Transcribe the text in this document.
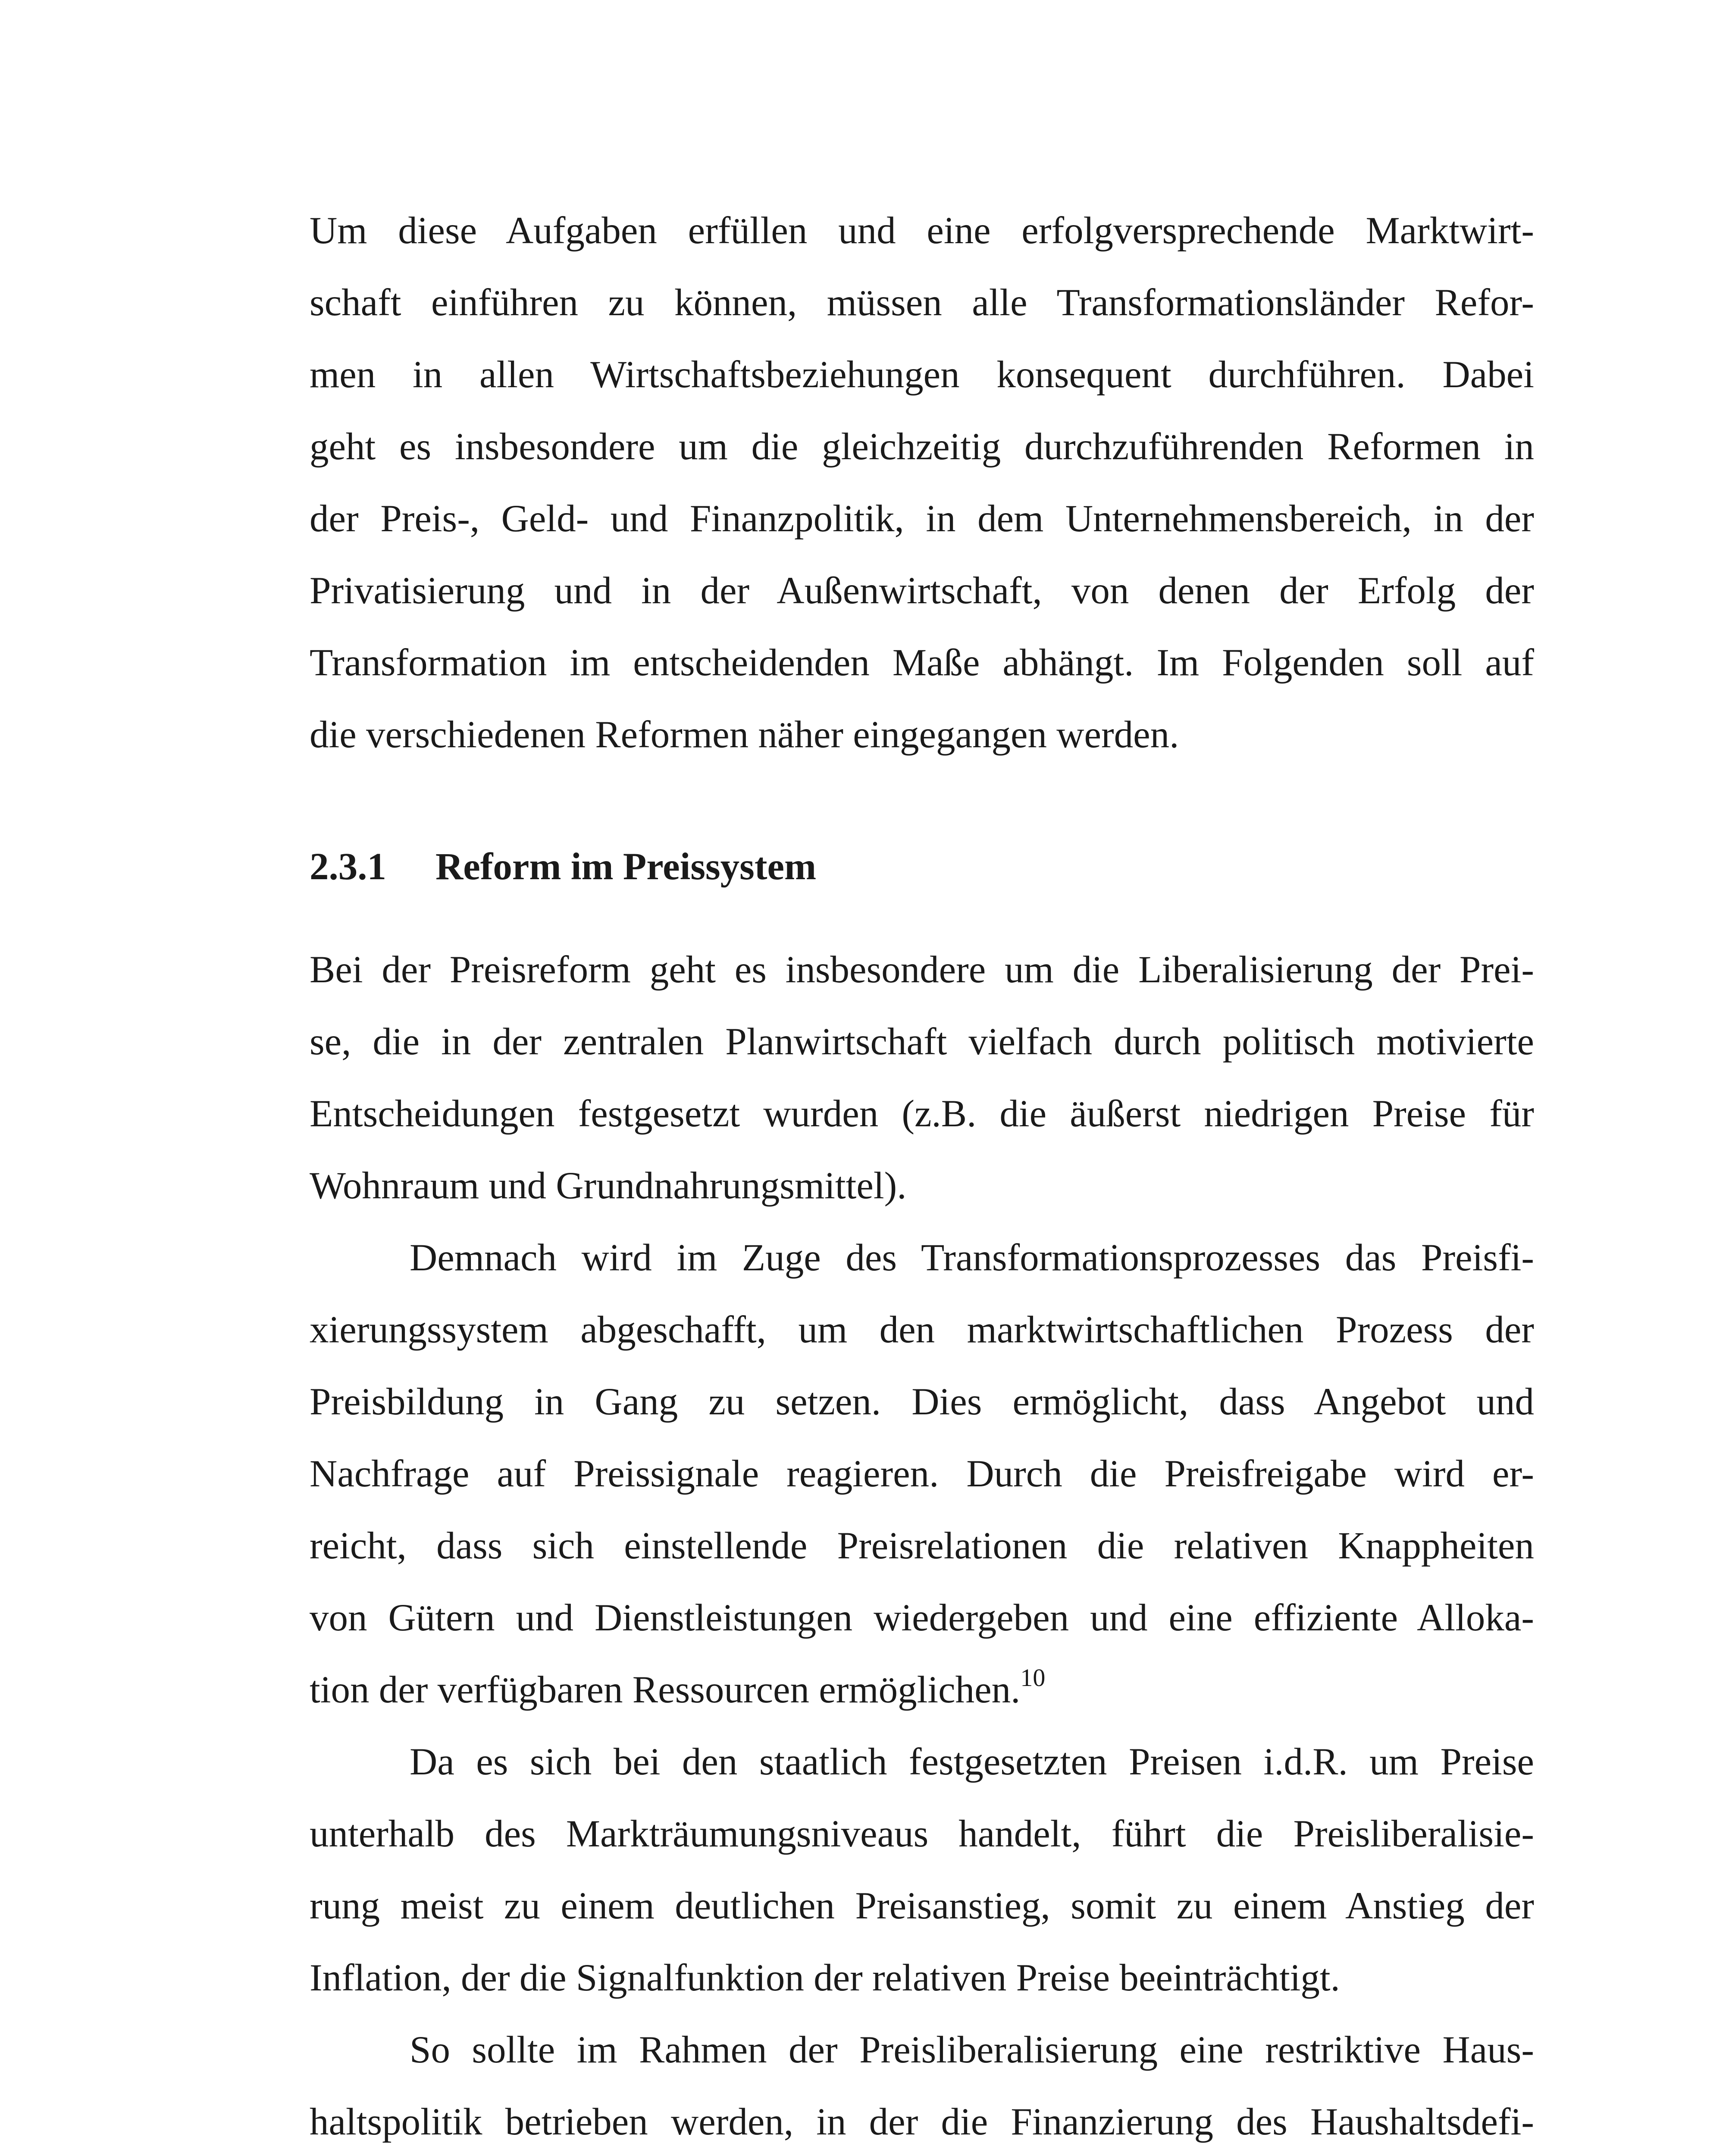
Um diese Aufgaben erfüllen und eine erfolgversprechende Marktwirt-
schaft einführen zu können, müssen alle Transformationsländer Refor-
men in allen Wirtschaftsbeziehungen konsequent durchführen. Dabei
geht es insbesondere um die gleichzeitig durchzuführenden Reformen in
der Preis-, Geld- und Finanzpolitik, in dem Unternehmensbereich, in der
Privatisierung und in der Außenwirtschaft, von denen der Erfolg der
Transformation im entscheidenden Maße abhängt. Im Folgenden soll auf
die verschiedenen Reformen näher eingegangen werden.
2.3.1 Reform im Preissystem
Bei der Preisreform geht es insbesondere um die Liberalisierung der Prei-
se, die in der zentralen Planwirtschaft vielfach durch politisch motivierte
Entscheidungen festgesetzt wurden (z.B. die äußerst niedrigen Preise für
Wohnraum und Grundnahrungsmittel).
Demnach wird im Zuge des Transformationsprozesses das Preisfi-
xierungssystem abgeschafft, um den marktwirtschaftlichen Prozess der
Preisbildung in Gang zu setzen. Dies ermöglicht, dass Angebot und
Nachfrage auf Preissignale reagieren. Durch die Preisfreigabe wird er-
reicht, dass sich einstellende Preisrelationen die relativen Knappheiten
von Gütern und Dienstleistungen wiedergeben und eine effiziente Alloka-
tion der verfügbaren Ressourcen ermöglichen.$^{10}$
Da es sich bei den staatlich festgesetzten Preisen i.d.R. um Preise
unterhalb des Markträumungsniveaus handelt, führt die Preisliberalisie-
rung meist zu einem deutlichen Preisanstieg, somit zu einem Anstieg der
Inflation, der die Signalfunktion der relativen Preise beeinträchtigt.
So sollte im Rahmen der Preisliberalisierung eine restriktive Haus-
haltspolitik betrieben werden, in der die Finanzierung des Haushaltsdefi-
